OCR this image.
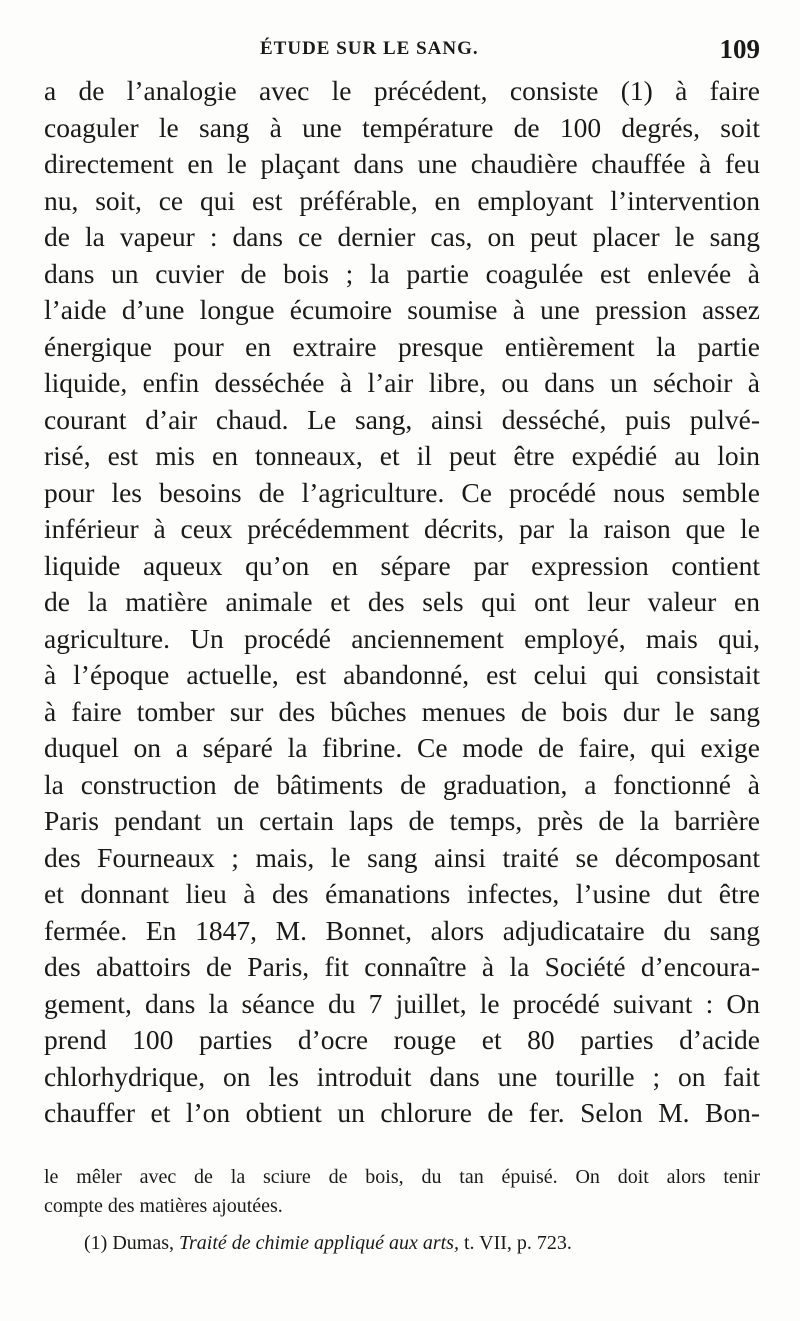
ÉTUDE SUR LE SANG.	109
a de l’analogie avec le précédent, consiste (1) à faire
coaguler le sang à une température de 100 degrés, soit
directement en le plaçant dans une chaudière chauffée à feu
nu, soit, ce qui est préférable, en employant l’intervention
de la vapeur : dans ce dernier cas, on peut placer le sang
dans un cuvier de bois ; la partie coagulée est enlevée à
l’aide d’une longue écumoire soumise à une pression assez
énergique pour en extraire presque entièrement la partie
liquide, enfin desséchée à l’air libre, ou dans un séchoir à
courant d’air chaud. Le sang, ainsi desséché, puis pulvé-
risé, est mis en tonneaux, et il peut être expédié au loin
pour les besoins de l’agriculture. Ce procédé nous semble
inférieur à ceux précédemment décrits, par la raison que le
liquide aqueux qu’on en sépare par expression contient
de la matière animale et des sels qui ont leur valeur en
agriculture. Un procédé anciennement employé, mais qui,
à l’époque actuelle, est abandonné, est celui qui consistait
à faire tomber sur des bûches menues de bois dur le sang
duquel on a séparé la fibrine. Ce mode de faire, qui exige
la construction de bâtiments de graduation, a fonctionné à
Paris pendant un certain laps de temps, près de la barrière
des Fourneaux ; mais, le sang ainsi traité se décomposant
et donnant lieu à des émanations infectes, l’usine dut être
fermée. En 1847, M. Bonnet, alors adjudicataire du sang
des abattoirs de Paris, fit connaître à la Société d’encoura-
gement, dans la séance du 7 juillet, le procédé suivant : On
prend 100 parties d’ocre rouge et 80 parties d’acide
chlorhydrique, on les introduit dans une tourille ; on fait
chauffer et l’on obtient un chlorure de fer. Selon M. Bon-
le mêler avec de la sciure de bois, du tan épuisé. On doit alors tenir
compte des matières ajoutées.
(1) Dumas, Traité de chimie appliqué aux arts, t. VII, p. 723.
